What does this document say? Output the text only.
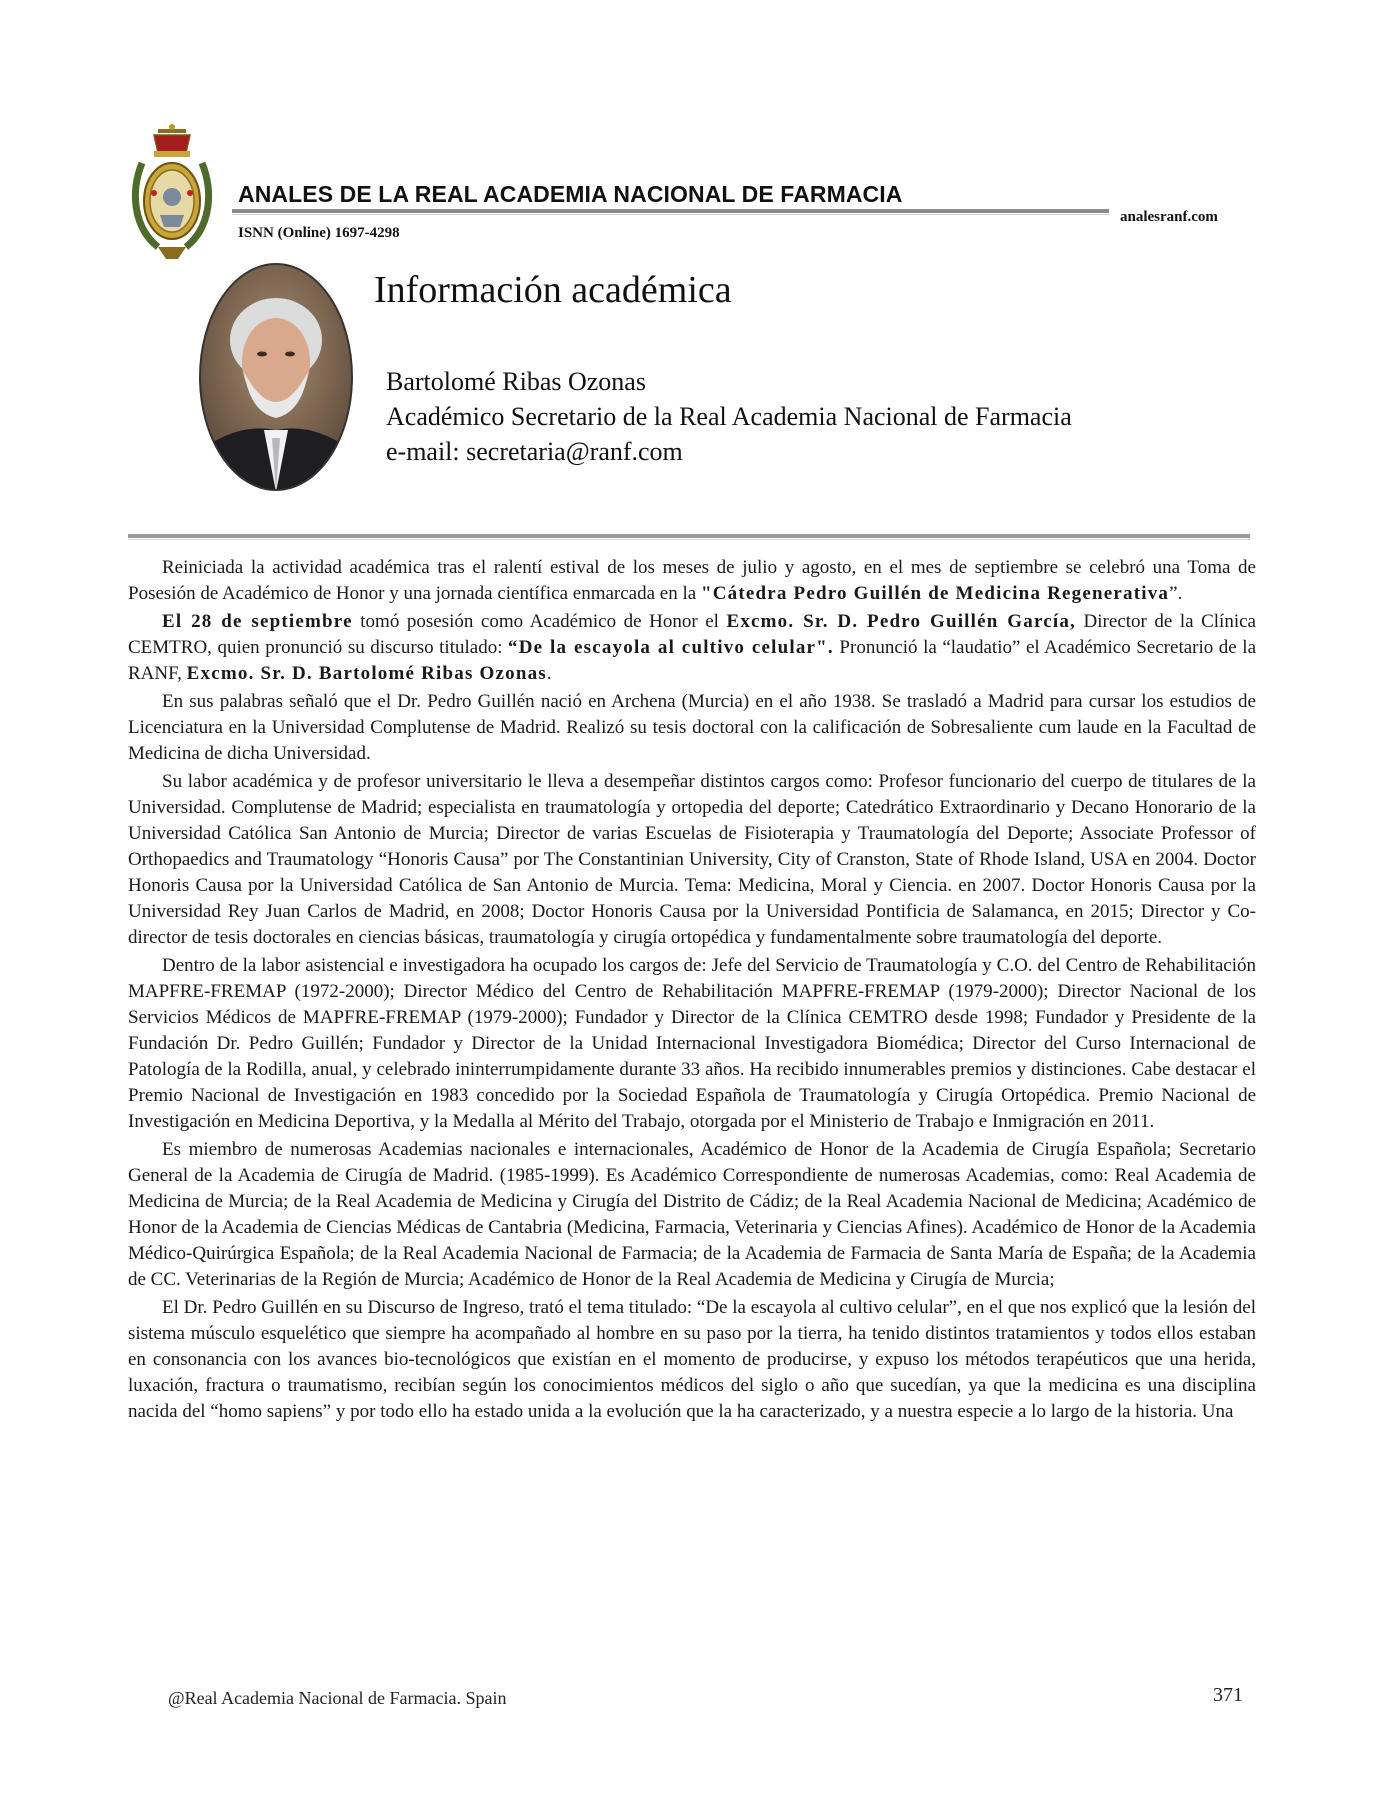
ANALES DE LA REAL ACADEMIA NACIONAL DE FARMACIA
ISNN (Online) 1697-4298
analesranf.com
Información académica
Bartolomé Ribas Ozonas
Académico Secretario de la Real Academia Nacional de Farmacia
e-mail: secretaria@ranf.com

Reiniciada la actividad académica tras el ralentí estival de los meses de julio y agosto, en el mes de septiembre se celebró una Toma de Posesión de Académico de Honor y una jornada científica enmarcada en la "Cátedra Pedro Guillén de Medicina Regenerativa”.

El 28 de septiembre tomó posesión como Académico de Honor el Excmo. Sr. D. Pedro Guillén García, Director de la Clínica CEMTRO, quien pronunció su discurso titulado: “De la escayola al cultivo celular". Pronunció la “laudatio” el Académico Secretario de la RANF, Excmo. Sr. D. Bartolomé Ribas Ozonas.

En sus palabras señaló que el Dr. Pedro Guillén nació en Archena (Murcia) en el año 1938. Se trasladó a Madrid para cursar los estudios de Licenciatura en la Universidad Complutense de Madrid. Realizó su tesis doctoral con la calificación de Sobresaliente cum laude en la Facultad de Medicina de dicha Universidad.

Su labor académica y de profesor universitario le lleva a desempeñar distintos cargos como: Profesor funcionario del cuerpo de titulares de la Universidad. Complutense de Madrid; especialista en traumatología y ortopedia del deporte; Catedrático Extraordinario y Decano Honorario de la Universidad Católica San Antonio de Murcia; Director de varias Escuelas de Fisioterapia y Traumatología del Deporte; Associate Professor of Orthopaedics and Traumatology “Honoris Causa” por The Constantinian University, City of Cranston, State of Rhode Island, USA en 2004. Doctor Honoris Causa por la Universidad Católica de San Antonio de Murcia. Tema: Medicina, Moral y Ciencia. en 2007. Doctor Honoris Causa por la Universidad Rey Juan Carlos de Madrid, en 2008; Doctor Honoris Causa por la Universidad Pontificia de Salamanca, en 2015; Director y Co-director de tesis doctorales en ciencias básicas, traumatología y cirugía ortopédica y fundamentalmente sobre traumatología del deporte.

Dentro de la labor asistencial e investigadora ha ocupado los cargos de: Jefe del Servicio de Traumatología y C.O. del Centro de Rehabilitación MAPFRE-FREMAP (1972-2000); Director Médico del Centro de Rehabilitación MAPFRE-FREMAP (1979-2000); Director Nacional de los Servicios Médicos de MAPFRE-FREMAP (1979-2000); Fundador y Director de la Clínica CEMTRO desde 1998; Fundador y Presidente de la Fundación Dr. Pedro Guillén; Fundador y Director de la Unidad Internacional Investigadora Biomédica; Director del Curso Internacional de Patología de la Rodilla, anual, y celebrado ininterrumpidamente durante 33 años. Ha recibido innumerables premios y distinciones. Cabe destacar el Premio Nacional de Investigación en 1983 concedido por la Sociedad Española de Traumatología y Cirugía Ortopédica. Premio Nacional de Investigación en Medicina Deportiva, y la Medalla al Mérito del Trabajo, otorgada por el Ministerio de Trabajo e Inmigración en 2011.

Es miembro de numerosas Academias nacionales e internacionales, Académico de Honor de la Academia de Cirugía Española; Secretario General de la Academia de Cirugía de Madrid. (1985-1999). Es Académico Correspondiente de numerosas Academias, como: Real Academia de Medicina de Murcia; de la Real Academia de Medicina y Cirugía del Distrito de Cádiz; de la Real Academia Nacional de Medicina; Académico de Honor de la Academia de Ciencias Médicas de Cantabria (Medicina, Farmacia, Veterinaria y Ciencias Afines). Académico de Honor de la Academia Médico-Quirúrgica Española; de la Real Academia Nacional de Farmacia; de la Academia de Farmacia de Santa María de España; de la Academia de CC. Veterinarias de la Región de Murcia; Académico de Honor de la Real Academia de Medicina y Cirugía de Murcia;

El Dr. Pedro Guillén en su Discurso de Ingreso, trató el tema titulado: “De la escayola al cultivo celular”, en el que nos explicó que la lesión del sistema músculo esquelético que siempre ha acompañado al hombre en su paso por la tierra, ha tenido distintos tratamientos y todos ellos estaban en consonancia con los avances bio-tecnológicos que existían en el momento de producirse, y expuso los métodos terapéuticos que una herida, luxación, fractura o traumatismo, recibían según los conocimientos médicos del siglo o año que sucedían, ya que la medicina es una disciplina nacida del “homo sapiens” y por todo ello ha estado unida a la evolución que la ha caracterizado, y a nuestra especie a lo largo de la historia. Una

@Real Academia Nacional de Farmacia. Spain	371
